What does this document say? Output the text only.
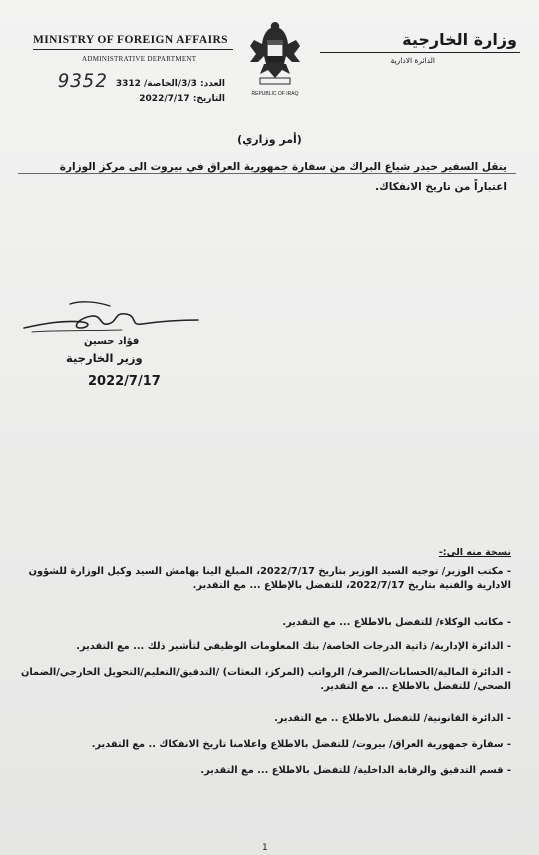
MINISTRY OF FOREIGN AFFAIRS
ADMINISTRATIVE DEPARTMENT
وزارة الخارجية
الدائرة الادارية
REPUBLIC OF IRAQ
9352 العدد: 3/3/الخاصة/ 3312
التاريخ: 2022/7/17
(أمر وزاري)
ينقل السفير حيدر شياع البراك من سفارة جمهورية العراق في بيروت الى مركز الوزارة اعتباراً من تاريخ الانفكاك.
فؤاد حسين
وزير الخارجية
2022/7/17
نسخة منه الى:-
- مكتب الوزير/ توجيه السيد الوزير بتاريخ 2022/7/17، المبلغ الينا بهامش السيد وكيل الوزارة للشؤون الادارية والفنية بتاريخ 2022/7/17، للتفضل بالإطلاع ... مع التقدير.
- مكاتب الوكلاء/ للتفضل بالاطلاع ... مع التقدير.
- الدائرة الإدارية/ ذاتية الدرجات الخاصة/ بنك المعلومات الوظيفي لتأشير ذلك ... مع التقدير.
- الدائرة المالية/الحسابات/الصرف/ الرواتب (المركز، البعثات) /التدقيق/التعليم/التحويل الخارجي/الضمان الصحي/ للتفضل بالاطلاع ... مع التقدير.
- الدائرة القانونية/ للتفضل بالاطلاع .. مع التقدير.
- سفارة جمهورية العراق/ بيروت/ للتفضل بالاطلاع واعلامنا تاريخ الانفكاك .. مع التقدير.
- قسم التدقيق والرقابة الداخلية/ للتفضل بالاطلاع ... مع التقدير.
1
